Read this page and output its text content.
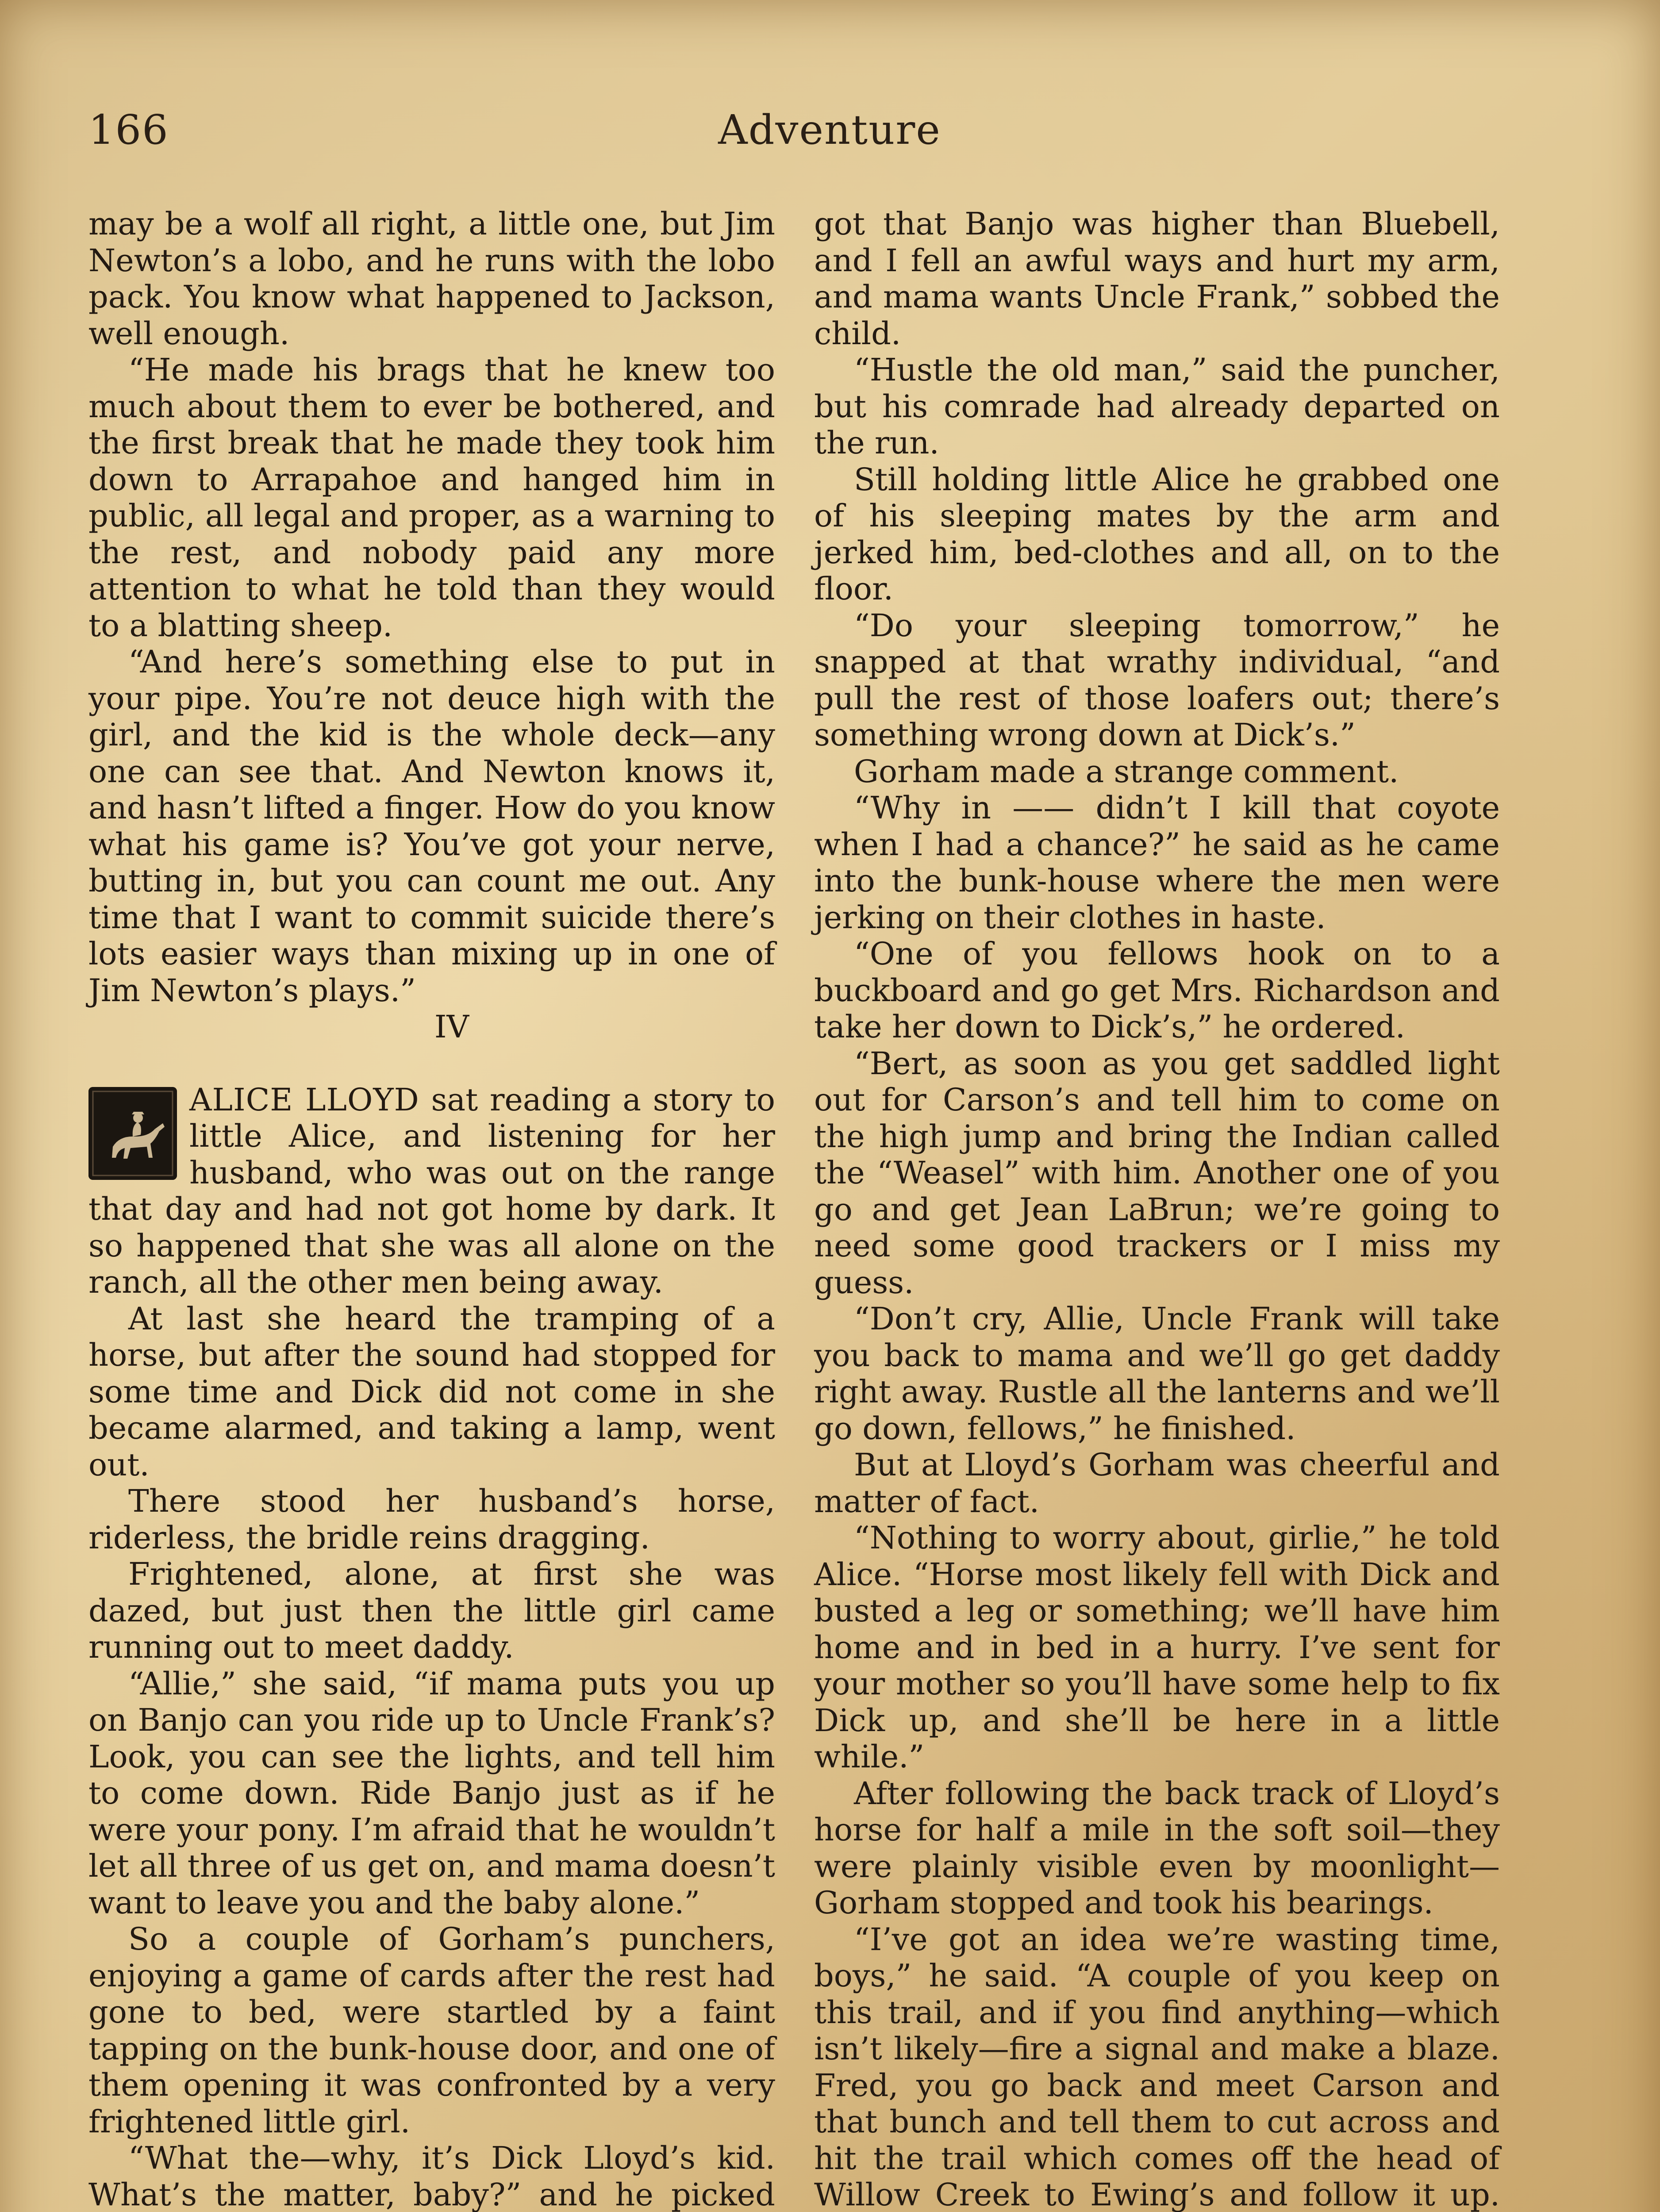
166	Adventure

may be a wolf all right, a little one, but Jim Newton’s a lobo, and he runs with the lobo pack. You know what happened to Jackson, well enough.

“He made his brags that he knew too much about them to ever be bothered, and the first break that he made they took him down to Arrapahoe and hanged him in public, all legal and proper, as a warning to the rest, and nobody paid any more attention to what he told than they would to a blatting sheep.

“And here’s something else to put in your pipe. You’re not deuce high with the girl, and the kid is the whole deck—any one can see that. And Newton knows it, and hasn’t lifted a finger. How do you know what his game is? You’ve got your nerve, butting in, but you can count me out. Any time that I want to commit suicide there’s lots easier ways than mixing up in one of Jim Newton’s plays.”

IV

ALICE LLOYD sat reading a story to little Alice, and listening for her husband, who was out on the range that day and had not got home by dark. It so happened that she was all alone on the ranch, all the other men being away.

At last she heard the tramping of a horse, but after the sound had stopped for some time and Dick did not come in she became alarmed, and taking a lamp, went out.

There stood her husband’s horse, riderless, the bridle reins dragging.

Frightened, alone, at first she was dazed, but just then the little girl came running out to meet daddy.

“Allie,” she said, “if mama puts you up on Banjo can you ride up to Uncle Frank’s? Look, you can see the lights, and tell him to come down. Ride Banjo just as if he were your pony. I’m afraid that he wouldn’t let all three of us get on, and mama doesn’t want to leave you and the baby alone.”

So a couple of Gorham’s punchers, enjoying a game of cards after the rest had gone to bed, were startled by a faint tapping on the bunk-house door, and one of them opening it was confronted by a very frightened little girl.

“What the—why, it’s Dick Lloyd’s kid. What’s the matter, baby?” and he picked

got that Banjo was higher than Bluebell, and I fell an awful ways and hurt my arm, and mama wants Uncle Frank,” sobbed the child.

“Hustle the old man,” said the puncher, but his comrade had already departed on the run.

Still holding little Alice he grabbed one of his sleeping mates by the arm and jerked him, bed-clothes and all, on to the floor.

“Do your sleeping tomorrow,” he snapped at that wrathy individual, “and pull the rest of those loafers out; there’s something wrong down at Dick’s.”

Gorham made a strange comment.

“Why in —— didn’t I kill that coyote when I had a chance?” he said as he came into the bunk-house where the men were jerking on their clothes in haste.

“One of you fellows hook on to a buckboard and go get Mrs. Richardson and take her down to Dick’s,” he ordered.

“Bert, as soon as you get saddled light out for Carson’s and tell him to come on the high jump and bring the Indian called the “Weasel” with him. Another one of you go and get Jean LaBrun; we’re going to need some good trackers or I miss my guess.

“Don’t cry, Allie, Uncle Frank will take you back to mama and we’ll go get daddy right away. Rustle all the lanterns and we’ll go down, fellows,” he finished.

But at Lloyd’s Gorham was cheerful and matter of fact.

“Nothing to worry about, girlie,” he told Alice. “Horse most likely fell with Dick and busted a leg or something; we’ll have him home and in bed in a hurry. I’ve sent for your mother so you’ll have some help to fix Dick up, and she’ll be here in a little while.”

After following the back track of Lloyd’s horse for half a mile in the soft soil—they were plainly visible even by moonlight—Gorham stopped and took his bearings.

“I’ve got an idea we’re wasting time, boys,” he said. “A couple of you keep on this trail, and if you find anything—which isn’t likely—fire a signal and make a blaze. Fred, you go back and meet Carson and that bunch and tell them to cut across and hit the trail which comes off the head of Willow Creek to Ewing’s and follow it up.
